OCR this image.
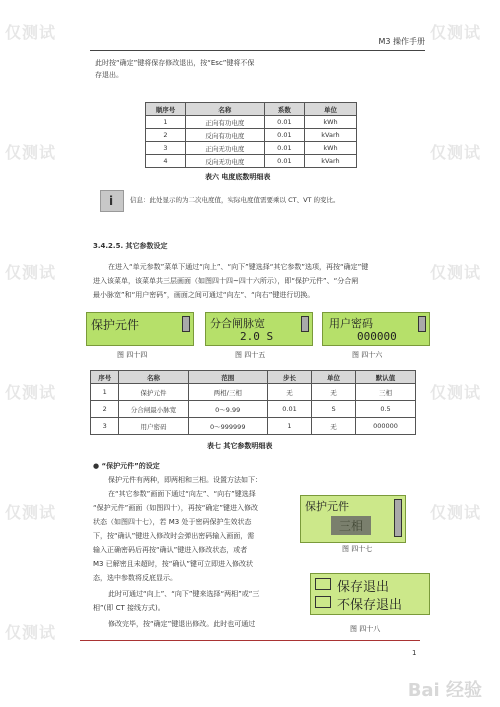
M3 操作手册
此时按“确定”键将保存修改退出，按“Esc”键将不保
存退出。
顺序号	名称	系数	单位
1	正向有功电度	0.01	kWh
2	反向有功电度	0.01	kVarh
3	正向无功电度	0.01	kWh
4	反向无功电度	0.01	kVarh
表六 电度底数明细表
i	信息：此处显示的为二次电度值，实际电度值需要乘以 CT、VT 的变比。
3.4.2.5. 其它参数设定
在进入“单元参数”菜单下通过“向上”、“向下”键选择“其它参数”选项，再按“确定”键
进入该菜单，该菜单共三层画面（如图四十四~四十六所示），即“保护元件”、“分合闸
最小脉宽”和“用户密码”，画面之间可通过“向左”、“向右”键进行切换。
保护元件
图 四十四
分合闸脉宽
2.0 S
图 四十五
用户密码
000000
图 四十六
序号	名称	范围	步长	单位	默认值
1	保护元件	两相/三相	无	无	三相
2	分合闸最小脉宽	0～9.99	0.01	S	0.5
3	用户密码	0～999999	1	无	000000
表七 其它参数明细表
● “保护元件”的设定
保护元件有两种，即两相和三相。设置方法如下：
在“其它参数”画面下通过“向左”、“向右”键选择
“保护元件”画面（如图四十），再按“确定”键进入修改
状态（如图四十七），若 M3 处于密码保护生效状态
下，按“确认”键进入修改时会弹出密码输入画面，需
输入正确密码后再按“确认”键进入修改状态，或者
M3 已解密且未超时，按“确认”键可立即进入修改状
态，选中参数将反底显示。
此时可通过“向上”、“向下”键来选择“两相”或“三
相”(即 CT 接线方式)。
修改完毕，按“确定”键退出修改。此时也可通过
保护元件
三相
图 四十七
保存退出
不保存退出
图 四十八
1
仅测试	仅测试
仅测试	仅测试
仅测试	仅测试
仅测试	仅测试
仅测试	仅测试
仅测试
Bai 经验
